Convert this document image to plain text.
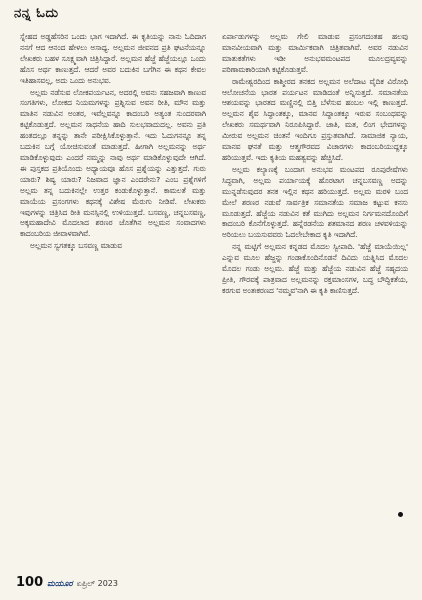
ನನ್ನ ಓದು

ಸ್ನೇಹದ ಅಡ್ಡಹೆಸರಿನ ಒಂದು ಭಾಗ ಇದಾಗಿದೆ. ಈ ಕೃತಿಯನ್ನು ನಾನು ಓದಿದಾಗ ನನಗೆ ಆದ ಆನಂದ ಹೇಳಲು ಅಸಾಧ್ಯ. ಅಲ್ಲಮನ ಜೀವನದ ಪ್ರತಿ ಘಟನೆಯನ್ನೂ ಲೇಖಕರು ಬಹಳ ಸೂಕ್ಷ್ಮವಾಗಿ ಚಿತ್ರಿಸಿದ್ದಾರೆ. ಅಲ್ಲಮನ ಹೆಜ್ಜೆ ಹೆಜ್ಜೆಯಲ್ಲೂ ಒಂದು ಹೊಸ ಅರ್ಥ ಕಾಣುತ್ತದೆ. ಆದರೆ ಅವರ ಬದುಕಿನ ಬಗೆಗಿನ ಈ ಕಥನ ಕೇವಲ ಇತಿಹಾಸವಲ್ಲ, ಅದು ಒಂದು ಅನುಭವ.

ಅಲ್ಲಮ ನಡೆಸುವ ಲೋಕಪರ್ಯಟನ, ಅದರಲ್ಲಿ ಅವನು ಸಹಜವಾಗಿ ಕಾಣುವ ಸಂಗತಿಗಳು, ಲೋಕದ ನಿಯಮಗಳನ್ನು ಪ್ರಶ್ನಿಸುವ ಅವನ ರೀತಿ, ಮೌನ ಮತ್ತು ಮಾತಿನ ನಡುವಿನ ಅಂತರ, ಇವೆಲ್ಲವನ್ನೂ ಕಾದಂಬರಿ ಅತ್ಯಂತ ಸುಂದರವಾಗಿ ಕಟ್ಟಿಕೊಡುತ್ತದೆ. ಅಲ್ಲಮನ ಸಾಧನೆಯ ಹಾದಿ ಸುಲಭವಾದುದಲ್ಲ. ಅವನು ಪ್ರತಿ ಹಂತದಲ್ಲೂ ತನ್ನನ್ನು ತಾನೇ ಪರೀಕ್ಷಿಸಿಕೊಳ್ಳುತ್ತಾನೆ. ಇದು ಓದುಗನನ್ನೂ ತನ್ನ ಬದುಕಿನ ಬಗ್ಗೆ ಯೋಚಿಸುವಂತೆ ಮಾಡುತ್ತದೆ. ಹೀಗಾಗಿ ಅಲ್ಲಮನನ್ನು ಅರ್ಥ ಮಾಡಿಕೊಳ್ಳುವುದು ಎಂದರೆ ನಮ್ಮನ್ನು ನಾವು ಅರ್ಥ ಮಾಡಿಕೊಳ್ಳುವುದೇ ಆಗಿದೆ. ಈ ಪುಸ್ತಕದ ಪ್ರತಿಯೊಂದು ಅಧ್ಯಾಯವೂ ಹೊಸ ಪ್ರಶ್ನೆಯನ್ನು ಎತ್ತುತ್ತದೆ. ಗುರು ಯಾರು? ಶಿಷ್ಯ ಯಾರು? ನಿಜವಾದ ಜ್ಞಾನ ಎಂದರೇನು? ಎಂಬ ಪ್ರಶ್ನೆಗಳಿಗೆ ಅಲ್ಲಮ ತನ್ನ ಬದುಕಿನಲ್ಲೇ ಉತ್ತರ ಕಂಡುಕೊಳ್ಳುತ್ತಾನೆ. ಕಾಮಲತೆ ಮತ್ತು ಮಾಯೆಯ ಪ್ರಸಂಗಗಳು ಕಥನಕ್ಕೆ ವಿಶೇಷ ಮೆರುಗು ನೀಡಿವೆ. ಲೇಖಕರು ಇವುಗಳನ್ನು ಚಿತ್ರಿಸಿದ ರೀತಿ ಮನಸ್ಸಿನಲ್ಲಿ ಉಳಿಯುತ್ತದೆ. ಬಸವಣ್ಣ, ಚನ್ನಬಸವಣ್ಣ, ಅಕ್ಕಮಹಾದೇವಿ ಮೊದಲಾದ ಶರಣರ ಜೊತೆಗಿನ ಅಲ್ಲಮನ ಸಂವಾದಗಳು ಕಾದಂಬರಿಯ ಜೀವಾಳವಾಗಿವೆ.

ಅಲ್ಲಮನ ಸ್ವಗತಕ್ಕೂ ಬಸವಣ್ಣ ಮಾಡುವ

ಏರ್ಪಾಡುಗಳನ್ನು ಅಲ್ಲಮ ಗೇಲಿ ಮಾಡುವ ಪ್ರಸಂಗದಂತಹ ಹಲವು ಮಾನವೀಯವಾಗಿ ಮತ್ತು ಮಾರ್ಮಿಕವಾಗಿ ಚಿತ್ರಿತವಾಗಿವೆ. ಅವರ ನಡುವಿನ ಮಾತುಕತೆಗಳು ಇಡೀ ಅನುಭವಮಂಟಪದ ಮೂಲದ್ರವ್ಯವನ್ನು ಪರಿಣಾಮಕಾರಿಯಾಗಿ ಕಟ್ಟಿಕೊಡುತ್ತವೆ.

ರಾಮೇಶ್ವರದಿಂದ ಕಾಶ್ಮೀರದ ತನಕದ ಅಲ್ಲಮನ ಅಲೆದಾಟ ವೈದಿಕ ವಿರೋಧಿ ಆಲೋಚನೆಯ ಭಾರತ ಪರ್ಯಟನ ಮಾಡಿದಂತೆ ಅನ್ನಿಸುತ್ತದೆ. ಸಮಾನತೆಯ ಆಶಯವನ್ನು ಭಾರತದ ಮಣ್ಣಿನಲ್ಲಿ ಬಿತ್ತಿ ಬೆಳೆಸುವ ಹಂಬಲ ಇಲ್ಲಿ ಕಾಣುತ್ತದೆ. ಅಲ್ಲಮನ ಶೈವ ಸಿದ್ಧಾಂತಕ್ಕೂ, ಮಾನವ ಸಿದ್ಧಾಂತಕ್ಕೂ ಇರುವ ಸಂಬಂಧವನ್ನು ಲೇಖಕರು ಸಮರ್ಥವಾಗಿ ನಿರೂಪಿಸಿದ್ದಾರೆ. ಜಾತಿ, ಮತ, ಲಿಂಗ ಭೇದಗಳನ್ನು ಮೀರುವ ಅಲ್ಲಮನ ಚಿಂತನೆ ಇಂದಿಗೂ ಪ್ರಸ್ತುತವಾಗಿದೆ. ಸಾಮಾಜಿಕ ನ್ಯಾಯ, ಮಾನವ ಘನತೆ ಮತ್ತು ಆತ್ಮಗೌರವದ ವಿಚಾರಗಳು ಕಾದಂಬರಿಯುದ್ದಕ್ಕೂ ಹರಿಯುತ್ತವೆ. ಇದು ಕೃತಿಯ ಮಹತ್ವವನ್ನು ಹೆಚ್ಚಿಸಿದೆ.

ಅಲ್ಲಮ ಕಲ್ಯಾಣಕ್ಕೆ ಬಂದಾಗ ಅನುಭವ ಮಂಟಪದ ರೂಪುರೇಷೆಗಳು ಸಿದ್ಧವಾಗಿ, ಅಲ್ಲಮ ಪರ್ಯಾಯಕ್ಕೆ ಹೊರಟಾಗ ಚನ್ನಬಸವಣ್ಣ ಅದನ್ನು ಮುನ್ನಡೆಸುವುದರ ತನಕ ಇಲ್ಲಿನ ಕಥನ ಹರಿಯುತ್ತದೆ. ಅಲ್ಲಮ ಮರಳಿ ಬಂದ ಮೇಲೆ ಶರಣರ ನಡುವೆ ಸಾರ್ವತ್ರಿಕ ಸಮಾನತೆಯ ಸಮಾಜ ಕಟ್ಟುವ ಕನಸು ಮೂಡುತ್ತದೆ. ಹೆಜ್ಜೆಯ ನಡುವಿನ ಕತೆ ಮುಗಿದು ಅಲ್ಲಮನ ನಿರ್ಗಮನದೊಂದಿಗೆ ಕಾದಂಬರಿ ಕೊನೆಗೊಳ್ಳುತ್ತದೆ. ಹನ್ನೆರಡನೆಯ ಶತಮಾನದ ಶರಣ ಚಳವಳಿಯನ್ನು ಅರಿಯಲು ಬಯಸುವವರು ಓದಲೇಬೇಕಾದ ಕೃತಿ ಇದಾಗಿದೆ.

ನನ್ನ ಮಟ್ಟಿಗೆ ಅಲ್ಲಮನ ಕನ್ನಡದ ಮೊದಲ ಸ್ವೀಪಾದಿ. 'ಹೆಜ್ಜೆ ಮಾಯೆಯಿಲ್ಲ' ಎನ್ನುವ ಮೂಲ ಹೆಜ್ಜನ್ನು ಗಂಡಾಕೊಂದಿನೊಡನೆ ದಿವಿದು ಯತ್ನಿಸಿದ ಮೊದಲ ಮೊದಲ ಗಂಡು ಅಲ್ಲಮ. ಹೆಜ್ಜೆ ಮತ್ತು ಹೆಜ್ಜೆಯ ನಡುವಿನ ಹೆಜ್ಜೆ ಸಹೃದಯ ಪ್ರೀತಿ, ಗೌರವಕ್ಕೆ ಪಾತ್ರವಾದ ಅಲ್ಲಮನನ್ನು ರಕ್ತಮಾಂಸಗಳ, ಬದ್ಧ ಬೌದ್ಧಿಕತೆಯ, ಕರಗುವ ಅಂತಃಕರಣದ 'ನಮ್ಮವ'ನಾಗಿ ಈ ಕೃತಿ ಕಾಣಿಸುತ್ತದೆ.

100 ಮಯೂರ ಏಪ್ರಿಲ್ 2023
